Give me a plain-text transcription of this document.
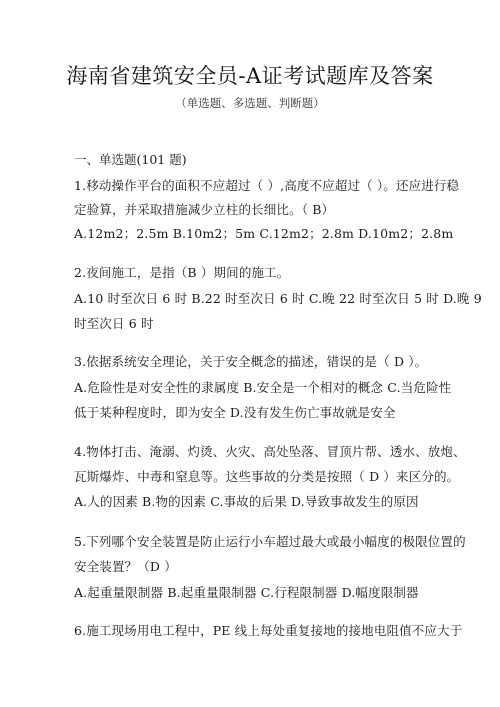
海南省建筑安全员-A证考试题库及答案
（单选题、多选题、判断题）
一、单选题(101 题)
1.移动操作平台的面积不应超过（ ）,高度不应超过（ ）。还应进行稳
定验算，并采取措施减少立柱的长细比。（ B）
A.12m2；2.5m B.10m2；5m C.12m2；2.8m D.10m2；2.8m
2.夜间施工，是指（B ）期间的施工。
A.10 时至次日 6 时 B.22 时至次日 6 时 C.晚 22 时至次日 5 时 D.晚 9
时至次日 6 时
3.依据系统安全理论，关于安全概念的描述，错误的是（ D ）。
A.危险性是对安全性的隶属度 B.安全是一个相对的概念 C.当危险性
低于某种程度时，即为安全 D.没有发生伤亡事故就是安全
4.物体打击、淹溺、灼烫、火灾、高处坠落、冒顶片帮、透水、放炮、
瓦斯爆炸、中毒和窒息等。这些事故的分类是按照（ D ）来区分的。
A.人的因素 B.物的因素 C.事故的后果 D.导致事故发生的原因
5.下列哪个安全装置是防止运行小车超过最大或最小幅度的极限位置的
安全装置？（D ）
A.起重量限制器 B.起重量限制器 C.行程限制器 D.幅度限制器
6.施工现场用电工程中，PE 线上每处重复接地的接地电阻值不应大于
